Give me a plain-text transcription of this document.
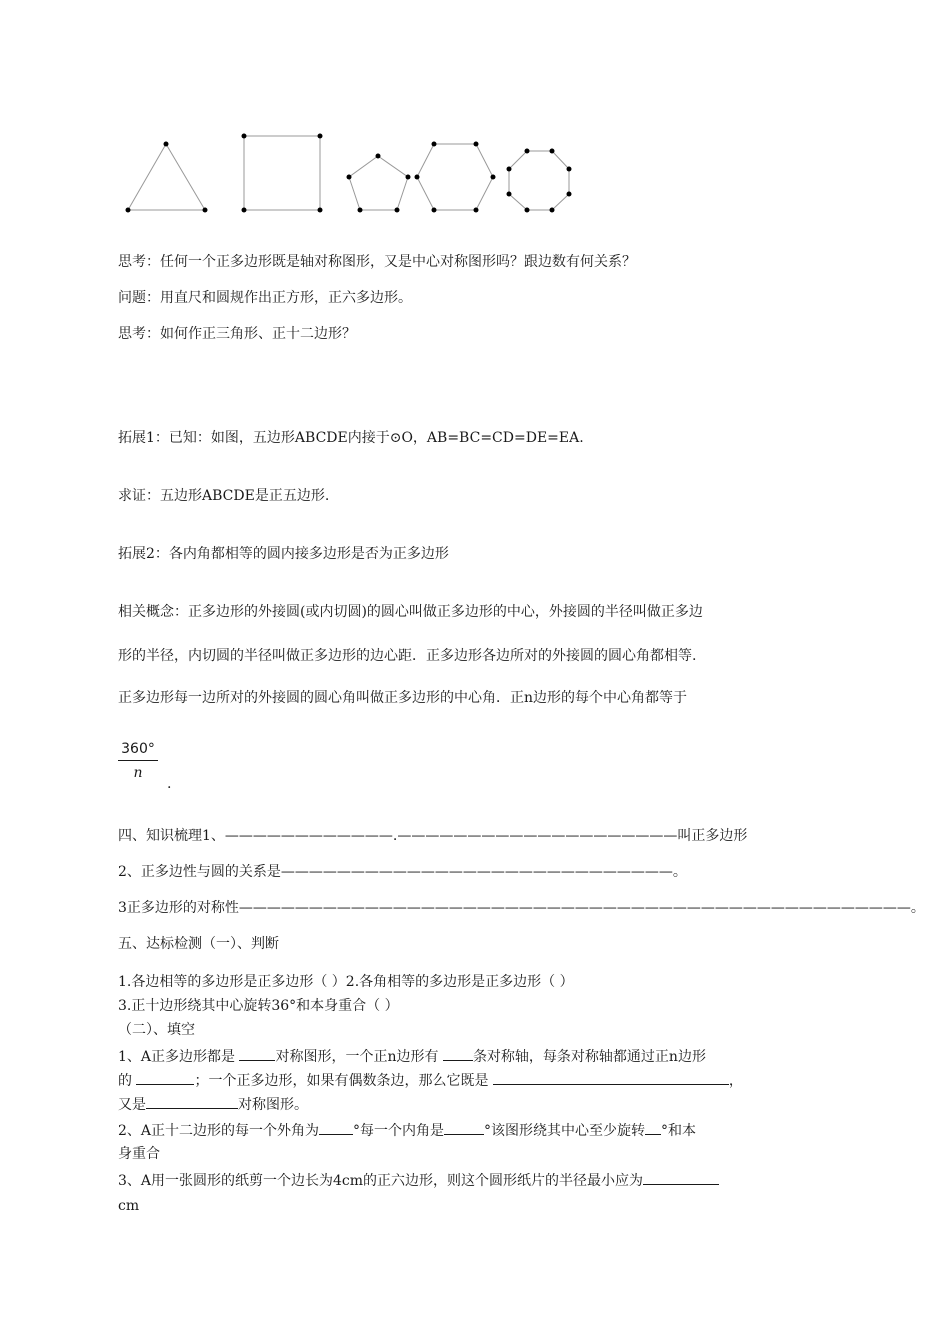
思考：任何一个正多边形既是轴对称图形，又是中心对称图形吗？跟边数有何关系？
问题：用直尺和圆规作出正方形，正六多边形。
思考：如何作正三角形、正十二边形？
拓展1：已知：如图，五边形ABCDE内接于⊙O，AB=BC=CD=DE=EA.
求证：五边形ABCDE是正五边形.
拓展2：各内角都相等的圆内接多边形是否为正多边形
相关概念：正多边形的外接圆(或内切圆)的圆心叫做正多边形的中心，外接圆的半径叫做正多边
形的半径，内切圆的半径叫做正多边形的边心距．正多边形各边所对的外接圆的圆心角都相等.
正多边形每一边所对的外接圆的圆心角叫做正多边形的中心角．正n边形的每个中心角都等于
360°
n
.
四、知识梳理1、————————————.————————————————————叫正多边形
2、正多边性与圆的关系是————————————————————————————。
3正多边形的对称性————————————————————————————————————————————————。
五、达标检测（一）、判断
1.各边相等的多边形是正多边形（ ）2.各角相等的多边形是正多边形（ ）
3.正十边形绕其中心旋转36°和本身重合（ ）
（二）、填空
1、A正多边形都是	对称图形，一个正n边形有 条对称轴，每条对称轴都通过正n边形
的	；一个正多边形，如果有偶数条边，那么它既是	，
又是	对称图形。
2、A正十二边形的每一个外角为 °每一个内角是	°该图形绕其中心至少旋转 °和本
身重合
3、A用一张圆形的纸剪一个边长为4cm的正六边形，则这个圆形纸片的半径最小应为
cm
